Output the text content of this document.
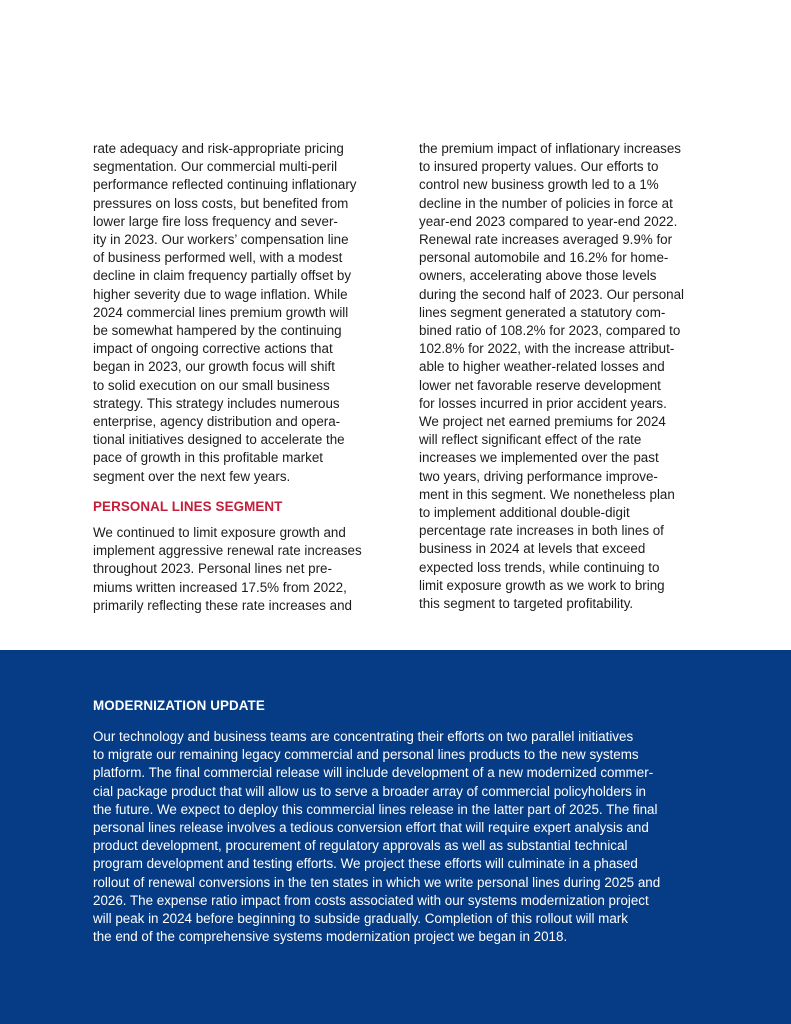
rate adequacy and risk-appropriate pricing
segmentation. Our commercial multi-peril
performance reflected continuing inflationary
pressures on loss costs, but benefited from
lower large fire loss frequency and sever-
ity in 2023. Our workers’ compensation line
of business performed well, with a modest
decline in claim frequency partially offset by
higher severity due to wage inflation. While
2024 commercial lines premium growth will
be somewhat hampered by the continuing
impact of ongoing corrective actions that
began in 2023, our growth focus will shift
to solid execution on our small business
strategy. This strategy includes numerous
enterprise, agency distribution and opera-
tional initiatives designed to accelerate the
pace of growth in this profitable market
segment over the next few years.
PERSONAL LINES SEGMENT
We continued to limit exposure growth and
implement aggressive renewal rate increases
throughout 2023. Personal lines net pre-
miums written increased 17.5% from 2022,
primarily reflecting these rate increases and
the premium impact of inflationary increases
to insured property values. Our efforts to
control new business growth led to a 1%
decline in the number of policies in force at
year-end 2023 compared to year-end 2022.
Renewal rate increases averaged 9.9% for
personal automobile and 16.2% for home-
owners, accelerating above those levels
during the second half of 2023. Our personal
lines segment generated a statutory com-
bined ratio of 108.2% for 2023, compared to
102.8% for 2022, with the increase attribut-
able to higher weather-related losses and
lower net favorable reserve development
for losses incurred in prior accident years.
We project net earned premiums for 2024
will reflect significant effect of the rate
increases we implemented over the past
two years, driving performance improve-
ment in this segment. We nonetheless plan
to implement additional double-digit
percentage rate increases in both lines of
business in 2024 at levels that exceed
expected loss trends, while continuing to
limit exposure growth as we work to bring
this segment to targeted profitability.
MODERNIZATION UPDATE
Our technology and business teams are concentrating their efforts on two parallel initiatives
to migrate our remaining legacy commercial and personal lines products to the new systems
platform. The final commercial release will include development of a new modernized commer-
cial package product that will allow us to serve a broader array of commercial policyholders in
the future. We expect to deploy this commercial lines release in the latter part of 2025. The final
personal lines release involves a tedious conversion effort that will require expert analysis and
product development, procurement of regulatory approvals as well as substantial technical
program development and testing efforts. We project these efforts will culminate in a phased
rollout of renewal conversions in the ten states in which we write personal lines during 2025 and
2026. The expense ratio impact from costs associated with our systems modernization project
will peak in 2024 before beginning to subside gradually. Completion of this rollout will mark
the end of the comprehensive systems modernization project we began in 2018.
